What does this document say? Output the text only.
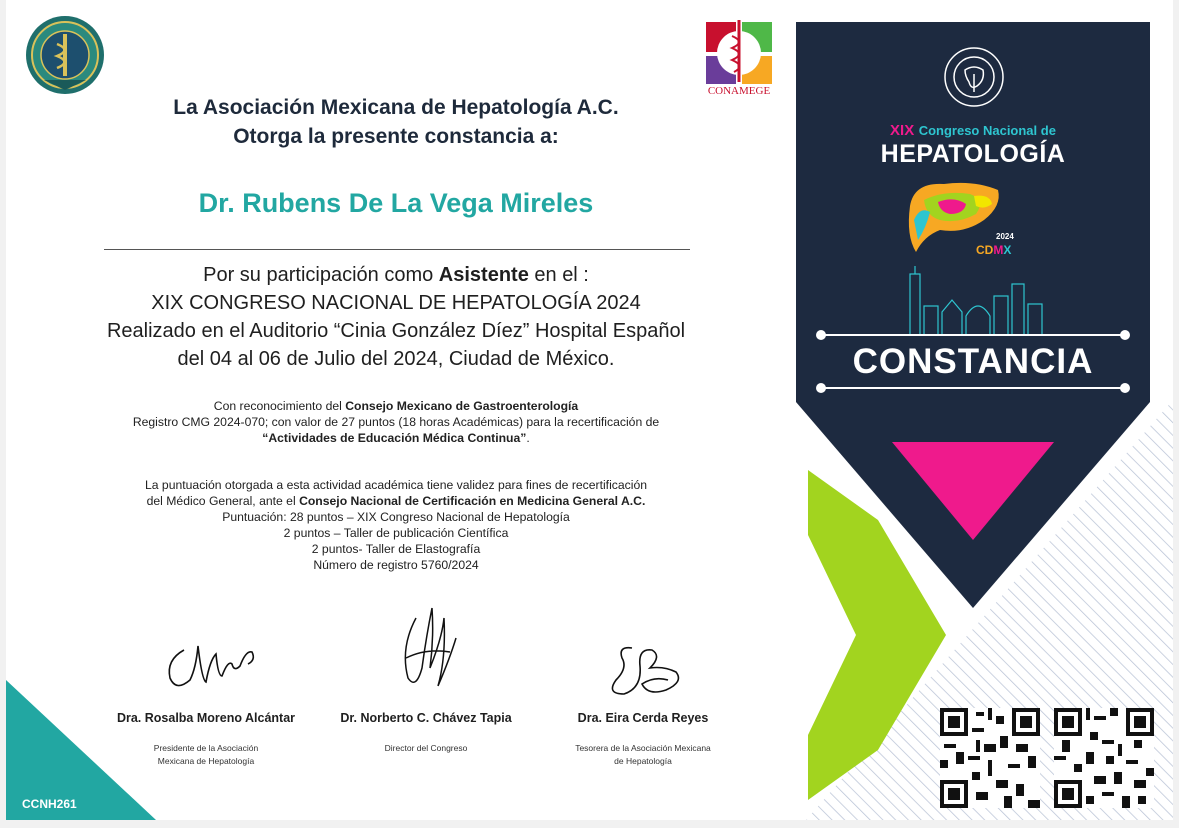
CCNH261
CONAMEGE
La Asociación Mexicana de Hepatología A.C.
Otorga la presente constancia a:
Dr. Rubens De La Vega Mireles
Por su participación como Asistente en el :
XIX CONGRESO NACIONAL DE HEPATOLOGÍA 2024
Realizado en el Auditorio “Cinia González Díez” Hospital Español
del 04 al 06 de Julio del 2024, Ciudad de México.
Con reconocimiento del Consejo Mexicano de Gastroenterología
Registro CMG 2024-070; con valor de 27 puntos (18 horas Académicas) para la recertificación de
“Actividades de Educación Médica Continua”.
La puntuación otorgada a esta actividad académica tiene validez para fines de recertificación
del Médico General, ante el Consejo Nacional de Certificación en Medicina General A.C.
Puntuación: 28 puntos – XIX Congreso Nacional de Hepatología
2 puntos – Taller de publicación Científica
2 puntos- Taller de Elastografía
Número de registro 5760/2024
Dra. Rosalba Moreno Alcántar
Presidente de la Asociación
Mexicana de Hepatología
Dr. Norberto C. Chávez Tapia
Director del Congreso
Dra. Eira Cerda Reyes
Tesorera de la Asociación Mexicana
de Hepatología
XIX Congreso Nacional de
HEPATOLOGÍA
2024
CDMX
CONSTANCIA
